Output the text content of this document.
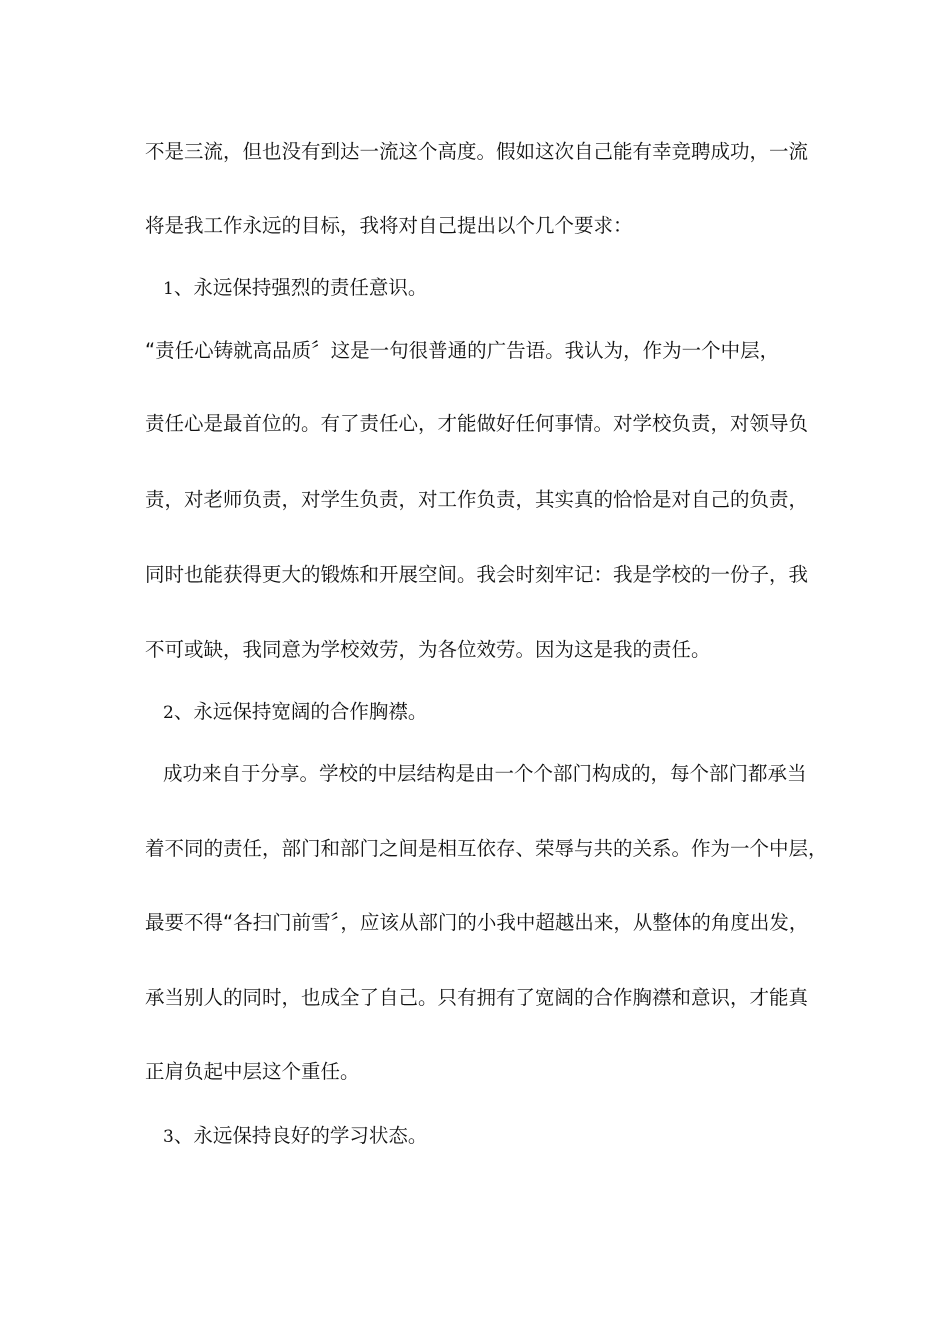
不是三流，但也没有到达一流这个高度。假如这次自己能有幸竞聘成功，一流
将是我工作永远的目标，我将对自己提出以个几个要求：
1、永远保持强烈的责任意识。
“责任心铸就高品质〞这是一句很普通的广告语。我认为，作为一个中层，
责任心是最首位的。有了责任心，才能做好任何事情。对学校负责，对领导负
责，对老师负责，对学生负责，对工作负责，其实真的恰恰是对自己的负责，
同时也能获得更大的锻炼和开展空间。我会时刻牢记：我是学校的一份子，我
不可或缺，我同意为学校效劳，为各位效劳。因为这是我的责任。
2、永远保持宽阔的合作胸襟。
成功来自于分享。学校的中层结构是由一个个部门构成的，每个部门都承当
着不同的责任，部门和部门之间是相互依存、荣辱与共的关系。作为一个中层，
最要不得“各扫门前雪〞，应该从部门的小我中超越出来，从整体的角度出发，
承当别人的同时，也成全了自己。只有拥有了宽阔的合作胸襟和意识，才能真
正肩负起中层这个重任。
3、永远保持良好的学习状态。
